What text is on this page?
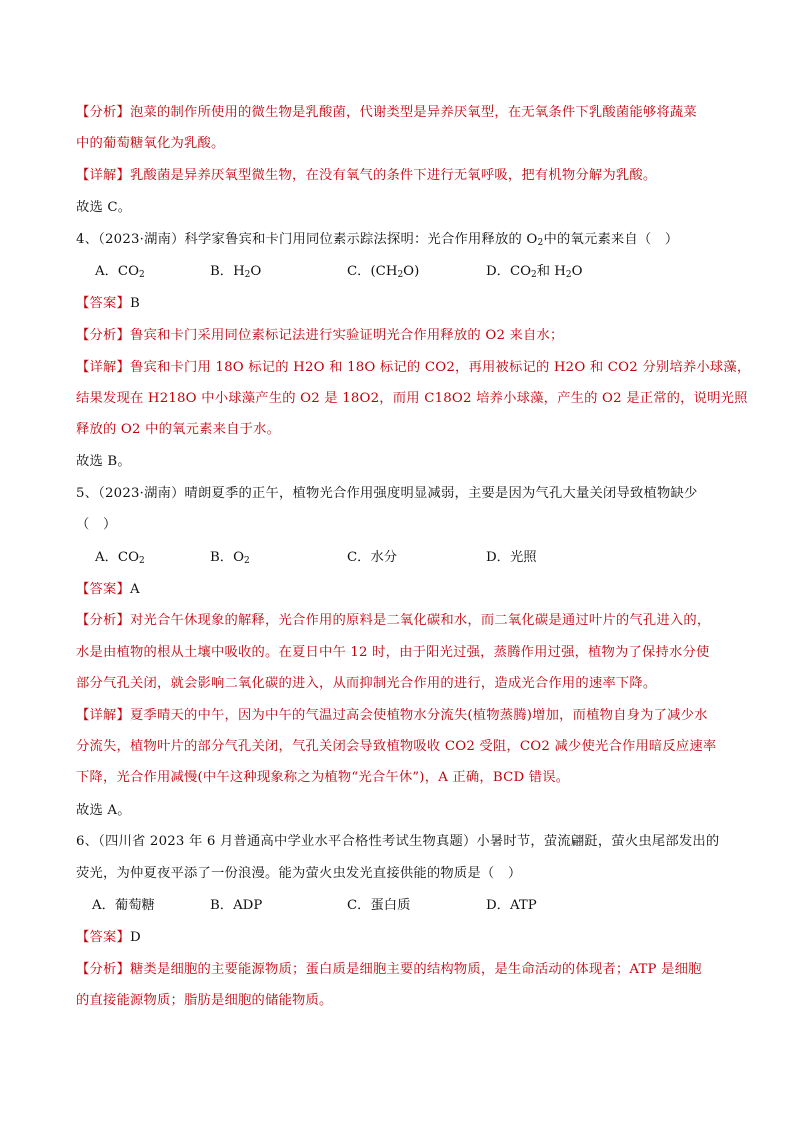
【分析】泡菜的制作所使用的微生物是乳酸菌，代谢类型是异养厌氧型，在无氧条件下乳酸菌能够将蔬菜
中的葡萄糖氧化为乳酸。
【详解】乳酸菌是异养厌氧型微生物，在没有氧气的条件下进行无氧呼吸，把有机物分解为乳酸。
故选 C。
4、（2023·湖南）科学家鲁宾和卡门用同位素示踪法探明：光合作用释放的 $O_2$中的氧元素来自（　）
A．$CO_2$	B．$H_2O$	C．$(CH_2O)$	D．$CO_2$和 $H_2O$
【答案】B
【分析】鲁宾和卡门采用同位素标记法进行实验证明光合作用释放的 O2 来自水；
【详解】鲁宾和卡门用 18O 标记的 H2O 和 18O 标记的 CO2，再用被标记的 H2O 和 CO2 分别培养小球藻，
结果发现在 H218O 中小球藻产生的 O2 是 18O2，而用 C18O2 培养小球藻，产生的 O2 是正常的，说明光照
释放的 O2 中的氧元素来自于水。
故选 B。
5、（2023·湖南）晴朗夏季的正午，植物光合作用强度明显减弱，主要是因为气孔大量关闭导致植物缺少
（　）
A．$CO_2$	B．$O_2$	C．水分	D．光照
【答案】A
【分析】对光合午休现象的解释，光合作用的原料是二氧化碳和水，而二氧化碳是通过叶片的气孔进入的，
水是由植物的根从土壤中吸收的。在夏日中午 12 时，由于阳光过强，蒸腾作用过强，植物为了保持水分使
部分气孔关闭，就会影响二氧化碳的进入，从而抑制光合作用的进行，造成光合作用的速率下降。
【详解】夏季晴天的中午，因为中午的气温过高会使植物水分流失(植物蒸腾)增加，而植物自身为了减少水
分流失，植物叶片的部分气孔关闭，气孔关闭会导致植物吸收 CO2 受阻，CO2 减少使光合作用暗反应速率
下降，光合作用减慢(中午这种现象称之为植物“光合午休”)，A 正确，BCD 错误。
故选 A。
6、（四川省 2023 年 6 月普通高中学业水平合格性考试生物真题）小暑时节，萤流翩跹，萤火虫尾部发出的
荧光，为仲夏夜平添了一份浪漫。能为萤火虫发光直接供能的物质是（　）
A．葡萄糖	B．ADP	C．蛋白质	D．ATP
【答案】D
【分析】糖类是细胞的主要能源物质；蛋白质是细胞主要的结构物质，是生命活动的体现者；ATP 是细胞
的直接能源物质；脂肪是细胞的储能物质。
